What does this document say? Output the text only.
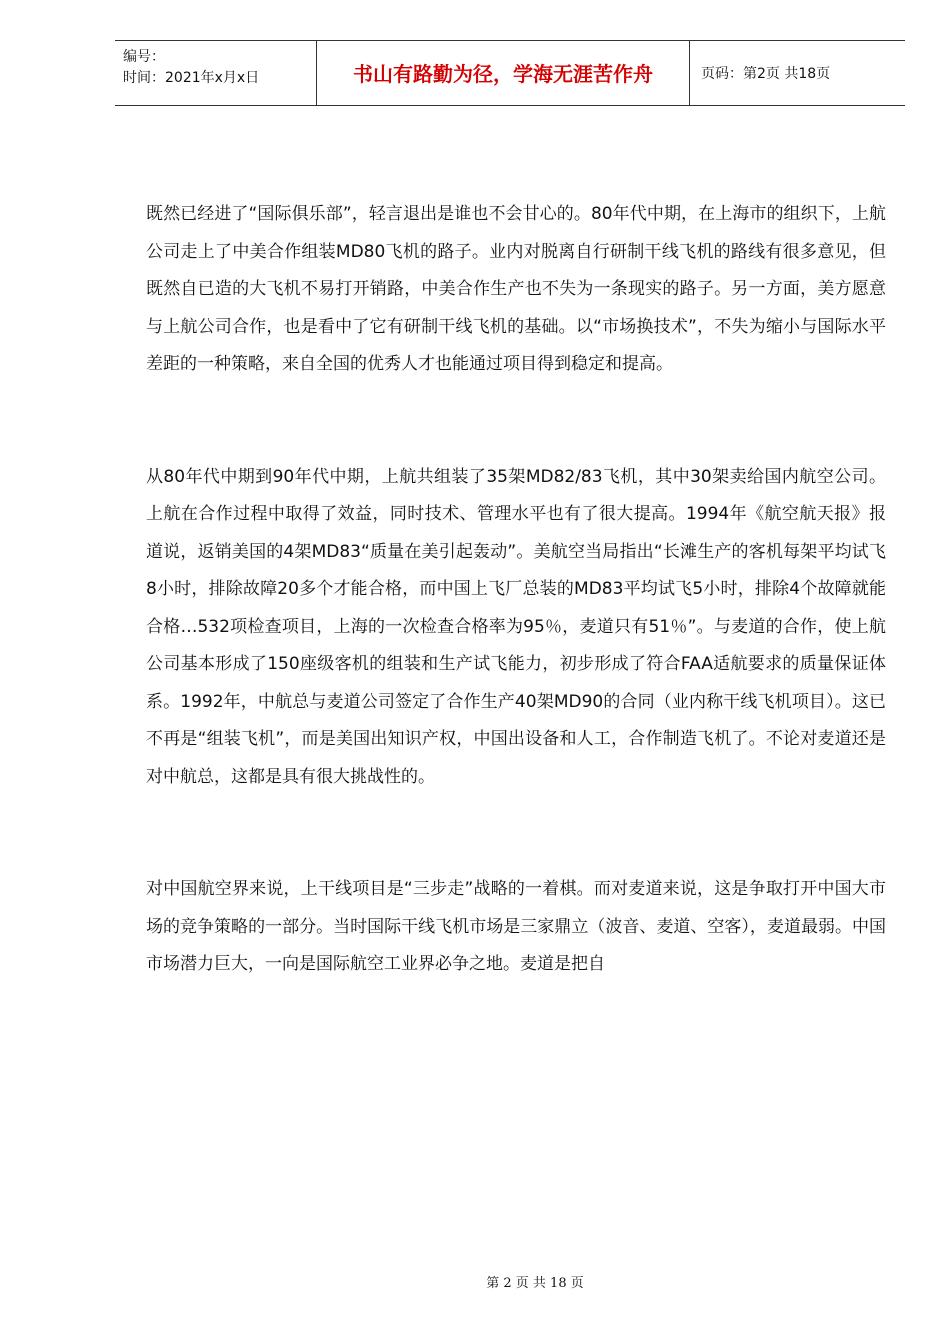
编号：
时间：2021年x月x日	书山有路勤为径，学海无涯苦作舟	页码：第2页 共18页

既然已经进了“国际俱乐部”，轻言退出是谁也不会甘心的。80年代中期，在上海市的组织下，上航公司走上了中美合作组装MD80飞机的路子。业内对脱离自行研制干线飞机的路线有很多意见，但既然自已造的大飞机不易打开销路，中美合作生产也不失为一条现实的路子。另一方面，美方愿意与上航公司合作，也是看中了它有研制干线飞机的基础。以“市场换技术”，不失为缩小与国际水平差距的一种策略，来自全国的优秀人才也能通过项目得到稳定和提高。

从80年代中期到90年代中期，上航共组装了35架MD82/83飞机，其中30架卖给国内航空公司。上航在合作过程中取得了效益，同时技术、管理水平也有了很大提高。1994年《航空航天报》报道说，返销美国的4架MD83“质量在美引起轰动”。美航空当局指出“长滩生产的客机每架平均试飞8小时，排除故障20多个才能合格，而中国上飞厂总装的MD83平均试飞5小时，排除4个故障就能合格…532项检查项目，上海的一次检查合格率为95％，麦道只有51％”。与麦道的合作，使上航公司基本形成了150座级客机的组装和生产试飞能力，初步形成了符合FAA适航要求的质量保证体系。1992年，中航总与麦道公司签定了合作生产40架MD90的合同（业内称干线飞机项目）。这已不再是“组装飞机”，而是美国出知识产权，中国出设备和人工，合作制造飞机了。不论对麦道还是对中航总，这都是具有很大挑战性的。

对中国航空界来说，上干线项目是“三步走”战略的一着棋。而对麦道来说，这是争取打开中国大市场的竞争策略的一部分。当时国际干线飞机市场是三家鼎立（波音、麦道、空客），麦道最弱。中国市场潜力巨大，一向是国际航空工业界必争之地。麦道是把自

第 2 页 共 18 页
